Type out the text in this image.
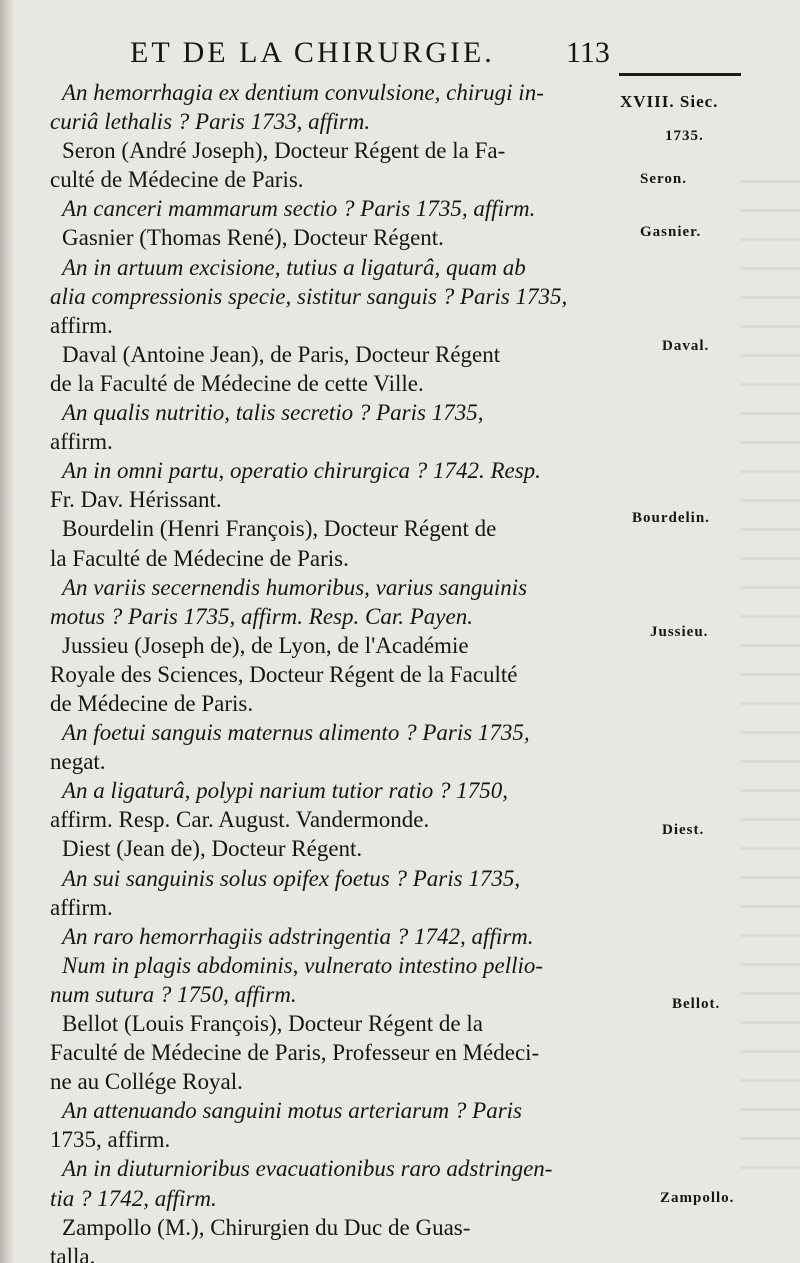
ET DE LA CHIRURGIE. 113
An hemorrhagia ex dentium convulsione, chirugi in-
curiâ lethalis ? Paris 1733, affirm.
Seron (André Joseph), Docteur Régent de la Fa-
culté de Médecine de Paris.
An canceri mammarum sectio ? Paris 1735, affirm.
Gasnier (Thomas René), Docteur Régent.
An in artuum excisione, tutius a ligaturâ, quam ab
alia compressionis specie, sistitur sanguis ? Paris 1735,
affirm.
Daval (Antoine Jean), de Paris, Docteur Régent
de la Faculté de Médecine de cette Ville.
An qualis nutritio, talis secretio ? Paris 1735,
affirm.
An in omni partu, operatio chirurgica ? 1742. Resp.
Fr. Dav. Hérissant.
Bourdelin (Henri François), Docteur Régent de
la Faculté de Médecine de Paris.
An variis secernendis humoribus, varius sanguinis
motus ? Paris 1735, affirm. Resp. Car. Payen.
Jussieu (Joseph de), de Lyon, de l'Académie
Royale des Sciences, Docteur Régent de la Faculté
de Médecine de Paris.
An foetui sanguis maternus alimento ? Paris 1735,
negat.
An a ligaturâ, polypi narium tutior ratio ? 1750,
affirm. Resp. Car. August. Vandermonde.
Diest (Jean de), Docteur Régent.
An sui sanguinis solus opifex foetus ? Paris 1735,
affirm.
An raro hemorrhagiis adstringentia ? 1742, affirm.
Num in plagis abdominis, vulnerato intestino pellio-
num sutura ? 1750, affirm.
Bellot (Louis François), Docteur Régent de la
Faculté de Médecine de Paris, Professeur en Médeci-
ne au Collége Royal.
An attenuando sanguini motus arteriarum ? Paris
1735, affirm.
An in diuturnioribus evacuationibus raro adstringen-
tia ? 1742, affirm.
Zampollo (M.), Chirurgien du Duc de Guas-
talla.
XVIII. Siec.
1735.
Seron.
Gasnier.
Daval.
Bourdelin.
Jussieu.
Diest.
Bellot.
Zampollo.
